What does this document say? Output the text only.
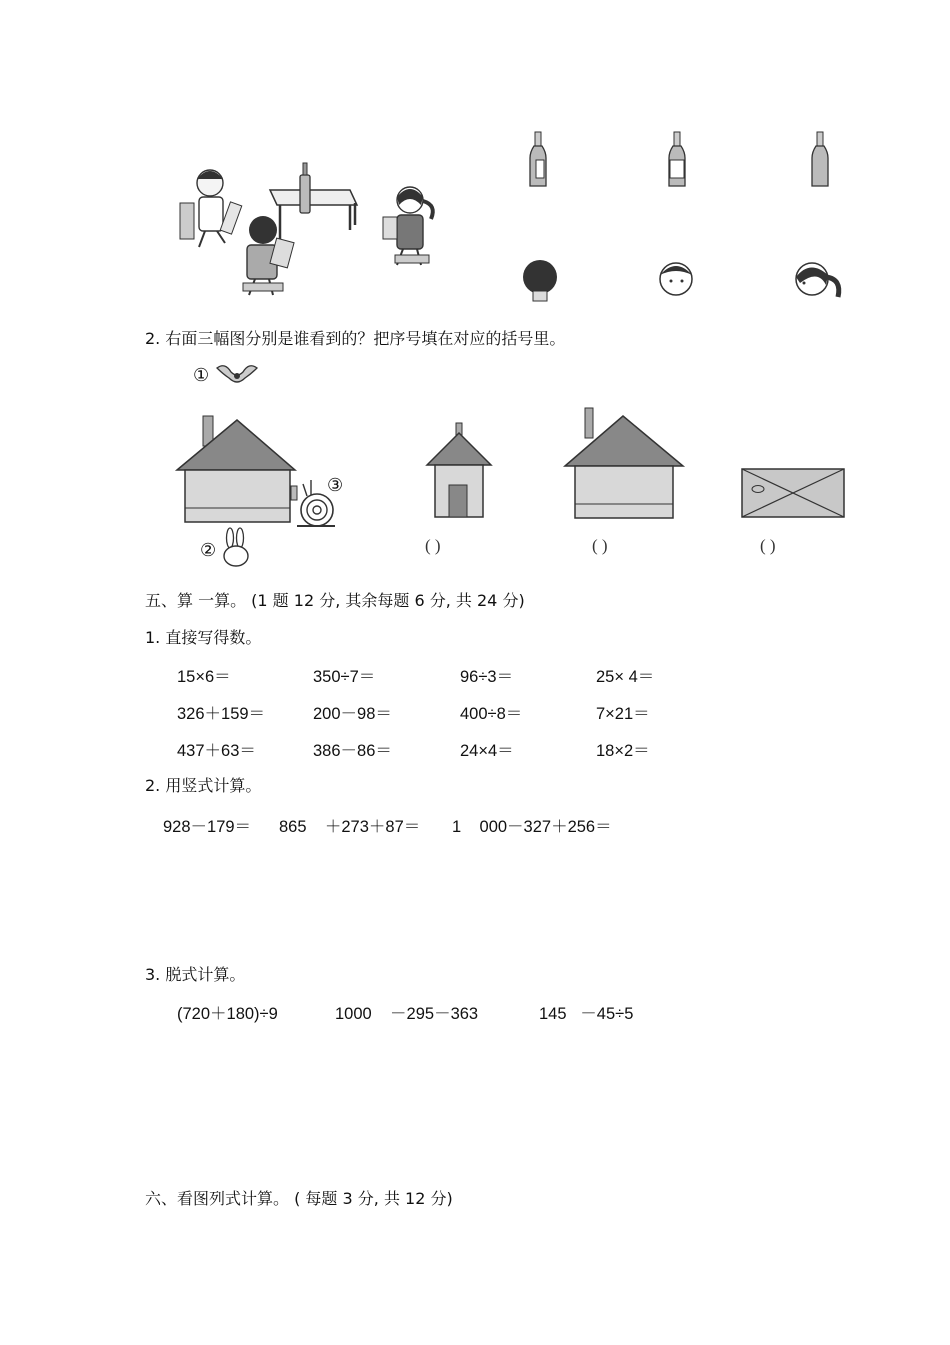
2. 右面三幅图分别是谁看到的？把序号填在对应的括号里。
①
③
②	( )	( )	( )
五、算 一算。 (1 题 12 分, 其余每题 6 分, 共 24 分)
1. 直接写得数。
15×6＝	350÷7＝	96÷3＝	25× 4＝
326＋159＝	200－98＝	400÷8＝	7×21＝
437＋63＝	386－86＝	24×4＝	18×2＝
2. 用竖式计算。
928－179＝ 865    ＋273＋87＝ 1    000－327＋256＝
3. 脱式计算。
(720＋180)÷9	1000    －295－363	145   －45÷5
六、看图列式计算。 ( 每题 3 分, 共 12 分)
